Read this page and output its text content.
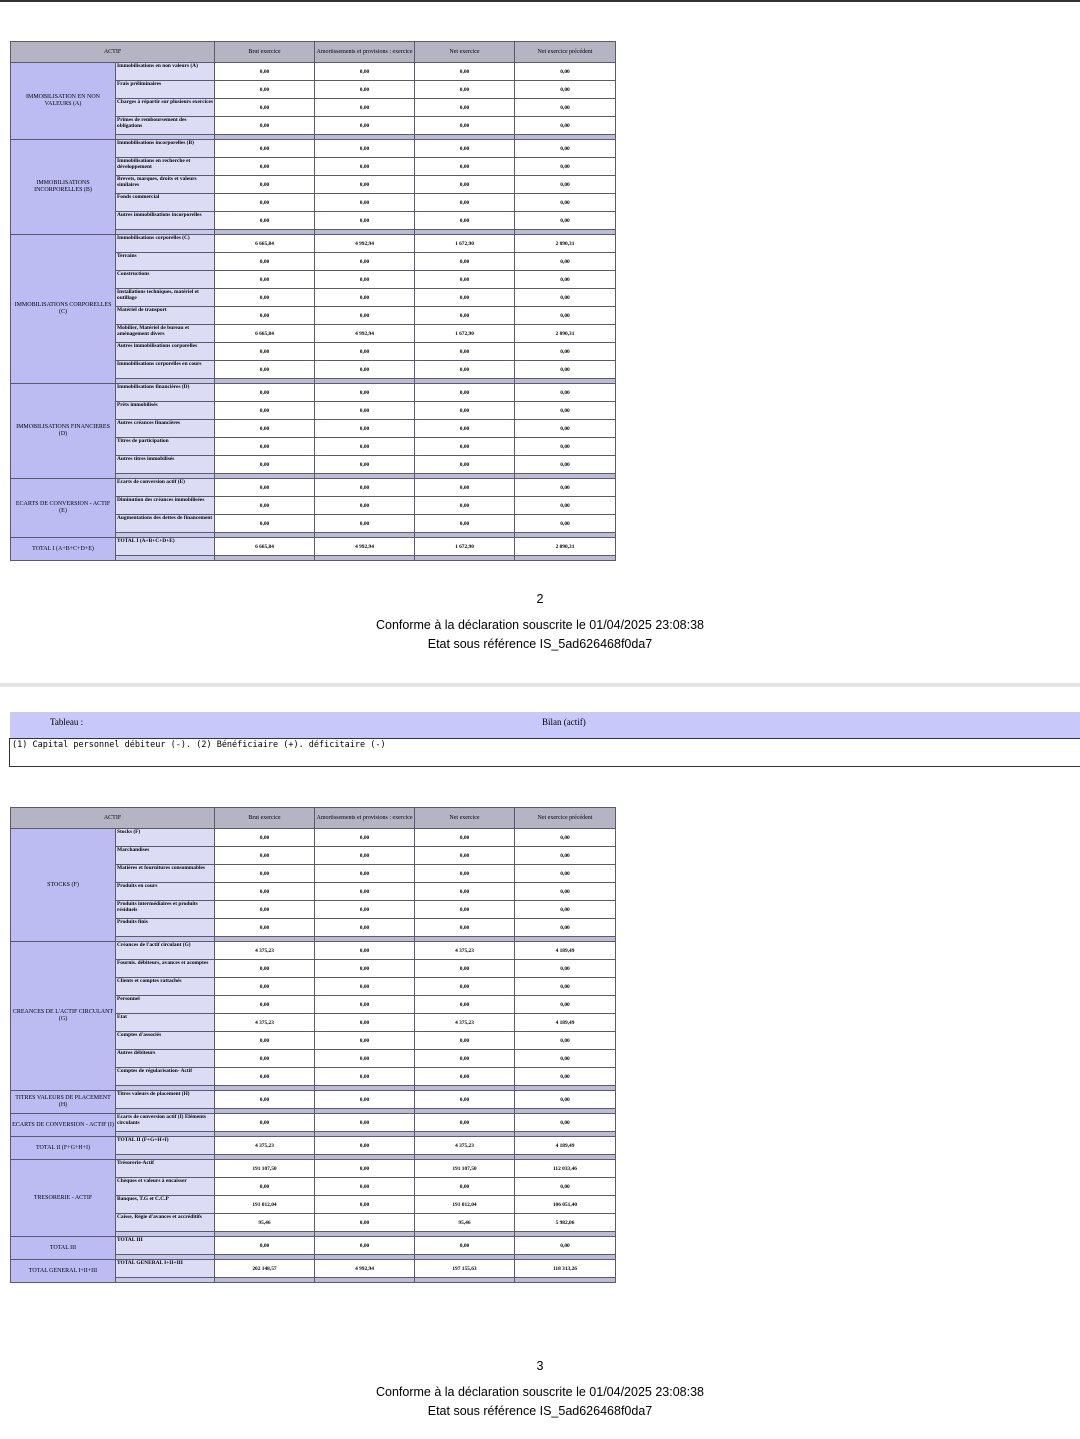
ACTIF		Brut exercice	Amortissements et provisions : exercice	Net exercice	Net exercice précédent
IMMOBILISATION EN NON VALEURS (A)	Immobilisations en non valeurs (A)	0,00	0,00	0,00	0,00
	Frais préliminaires	0,00	0,00	0,00	0,00
	Charges à répartir sur plusieurs exercices	0,00	0,00	0,00	0,00
	Primes de remboursement des obligations	0,00	0,00	0,00	0,00

IMMOBILISATIONS INCORPORELLES (B)	Immobilisations incorporelles (B)	0,00	0,00	0,00	0,00
	Immobilisations en recherche et développement	0,00	0,00	0,00	0,00
	Brevets, marques, droits et valeurs similaires	0,00	0,00	0,00	0,00
	Fonds commercial	0,00	0,00	0,00	0,00
	Autres immobilisations incorporelles	0,00	0,00	0,00	0,00

IMMOBILISATIONS CORPORELLES (C)	Immobilisations corporelles (C)	6 665,84	4 992,94	1 672,90	2 090,31
	Terrains	0,00	0,00	0,00	0,00
	Constructions	0,00	0,00	0,00	0,00
	Installations techniques, matériel et outillage	0,00	0,00	0,00	0,00
	Matériel de transport	0,00	0,00	0,00	0,00
	Mobilier, Matériel de bureau et aménagement divers	6 665,84	4 992,94	1 672,90	2 090,31
	Autres immobilisations corporelles	0,00	0,00	0,00	0,00
	Immobilisations corporelles en cours	0,00	0,00	0,00	0,00

IMMOBILISATIONS FINANCIERES (D)	Immobilisations financières (D)	0,00	0,00	0,00	0,00
	Prêts immobilisés	0,00	0,00	0,00	0,00
	Autres créances financières	0,00	0,00	0,00	0,00
	Titres de participation	0,00	0,00	0,00	0,00
	Autres titres immobilisés	0,00	0,00	0,00	0,00

ECARTS DE CONVERSION - ACTIF (E)	Ecarts de conversion actif (E)	0,00	0,00	0,00	0,00
	Diminution des créances immobilisées	0,00	0,00	0,00	0,00
	Augmentations des dettes de financement	0,00	0,00	0,00	0,00

TOTAL I (A+B+C+D+E)	TOTAL I (A+B+C+D+E)	6 665,84	4 992,94	1 672,90	2 090,31

2
Conforme à la déclaration souscrite le 01/04/2025 23:08:38
Etat sous référence IS_5ad626468f0da7
Tableau :	Bilan (actif)
(1) Capital personnel débiteur (-). (2) Bénéficiaire (+). déficitaire (-)
ACTIF		Brut exercice	Amortissements et provisions : exercice	Net exercice	Net exercice précédent
STOCKS (F)	Stocks (F)	0,00	0,00	0,00	0,00
	Marchandises	0,00	0,00	0,00	0,00
	Matières et fournitures consommables	0,00	0,00	0,00	0,00
	Produits en cours	0,00	0,00	0,00	0,00
	Produits intermédiaires et produits résiduels	0,00	0,00	0,00	0,00
	Produits finis	0,00	0,00	0,00	0,00

CREANCES DE L'ACTIF CIRCULANT (G)	Créances de l'actif circulant (G)	4 375,23	0,00	4 375,23	4 189,49
	Fournis. débiteurs, avances et acomptes	0,00	0,00	0,00	0,00
	Clients et comptes rattachés	0,00	0,00	0,00	0,00
	Personnel	0,00	0,00	0,00	0,00
	Etat	4 375,23	0,00	4 375,23	4 189,49
	Comptes d'associés	0,00	0,00	0,00	0,00
	Autres débiteurs	0,00	0,00	0,00	0,00
	Comptes de régularisation- Actif	0,00	0,00	0,00	0,00

TITRES VALEURS DE PLACEMENT (H)	Titres valeurs de placement (H)	0,00	0,00	0,00	0,00

ECARTS DE CONVERSION - ACTIF (I)	Ecarts de conversion actif (I) Eléments circulants	0,00	0,00	0,00	0,00

TOTAL II (F+G+H+I)	TOTAL II (F+G+H+I)	4 375,23	0,00	4 375,23	4 189,49

TRESORERIE - ACTIF	Trésorerie-Actif	191 107,50	0,00	191 107,50	112 033,46
	Chèques et valeurs à encaisser	0,00	0,00	0,00	0,00
	Banques, T.G et C.C.P	191 012,04	0,00	191 012,04	106 051,40
	Caisse, Régie d'avances et accréditifs	95,46	0,00	95,46	5 982,06

TOTAL III	TOTAL III	0,00	0,00	0,00	0,00

TOTAL GENERAL I+II+III	TOTAL GENERAL I+II+III	202 148,57	4 992,94	197 155,63	118 313,26

3
Conforme à la déclaration souscrite le 01/04/2025 23:08:38
Etat sous référence IS_5ad626468f0da7
